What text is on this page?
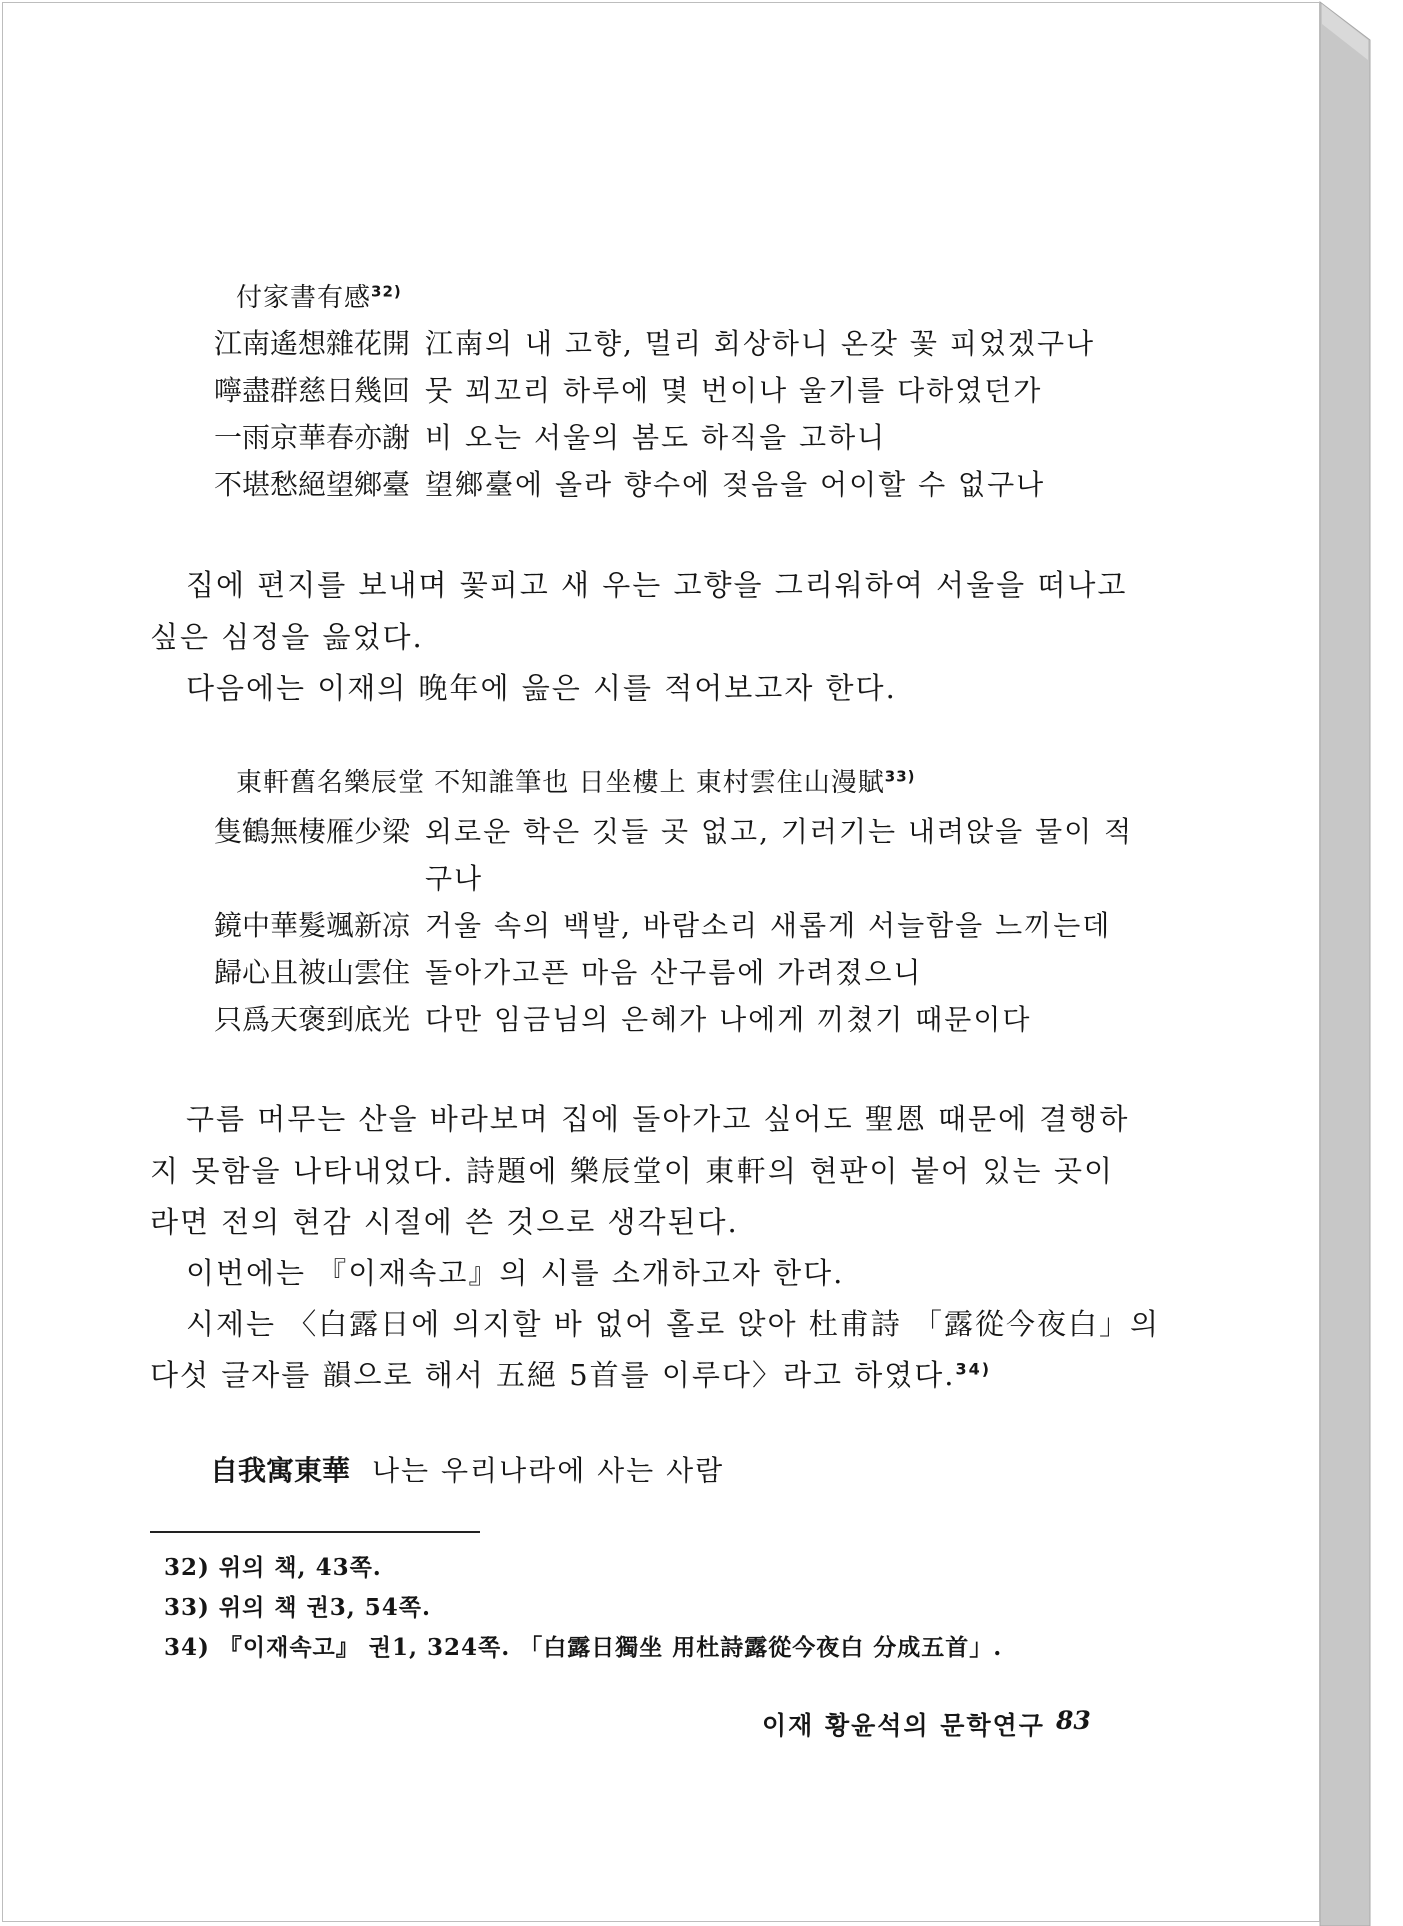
付家書有感$^{32)}$
江南遙想雜花開 江南의 내 고향, 멀리 회상하니 온갖 꽃 피었겠구나
嚀盡群慈日幾回 뭇 꾀꼬리 하루에 몇 번이나 울기를 다하였던가
一雨京華春亦謝 비 오는 서울의 봄도 하직을 고하니
不堪愁絕望鄉臺 望鄉臺에 올라 향수에 젖음을 어이할 수 없구나
집에 편지를 보내며 꽃피고 새 우는 고향을 그리워하여 서울을 떠나고
싶은 심정을 읊었다.
다음에는 이재의 晚年에 읊은 시를 적어보고자 한다.
東軒舊名樂辰堂 不知誰筆也 日坐樓上 東村雲住山漫賦$^{33)}$
隻鶴無棲雁少梁 외로운 학은 깃들 곳 없고, 기러기는 내려앉을 물이 적
구나
鏡中華髮颯新凉 거울 속의 백발, 바람소리 새롭게 서늘함을 느끼는데
歸心且被山雲住 돌아가고픈 마음 산구름에 가려졌으니
只爲天褒到底光 다만 임금님의 은혜가 나에게 끼쳤기 때문이다
구름 머무는 산을 바라보며 집에 돌아가고 싶어도 聖恩 때문에 결행하
지 못함을 나타내었다. 詩題에 樂辰堂이 東軒의 현판이 붙어 있는 곳이
라면 전의 현감 시절에 쓴 것으로 생각된다.
이번에는 『이재속고』의 시를 소개하고자 한다.
시제는 〈白露日에 의지할 바 없어 홀로 앉아 杜甫詩 「露從今夜白」의
다섯 글자를 韻으로 해서 五絕 5首를 이루다〉라고 하였다.$^{34)}$
自我寓東華 나는 우리나라에 사는 사람
32) 위의 책, 43쪽.
33) 위의 책 권3, 54쪽.
34) 『이재속고』 권1, 324쪽. 「白露日獨坐 用杜詩露從今夜白 分成五首」.
이재 황윤석의 문학연구 83
